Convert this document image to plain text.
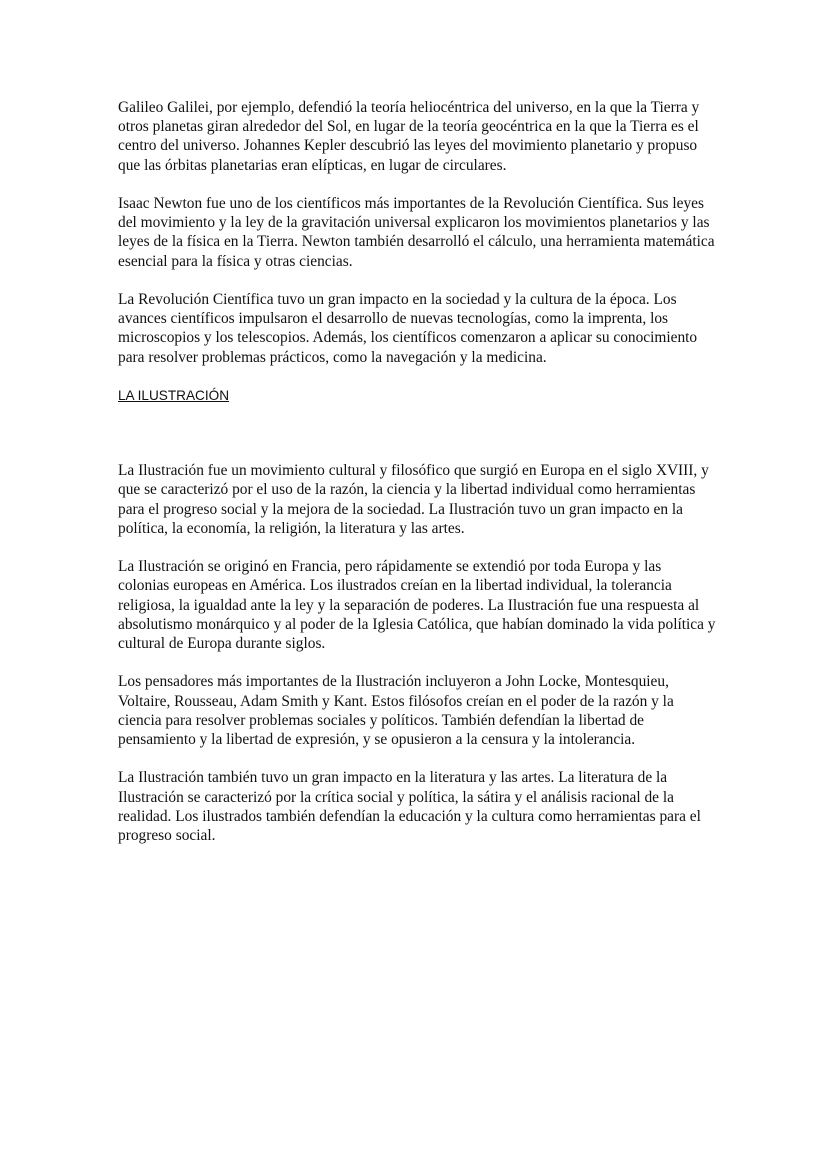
Galileo Galilei, por ejemplo, defendió la teoría heliocéntrica del universo, en la que la Tierra y otros planetas giran alrededor del Sol, en lugar de la teoría geocéntrica en la que la Tierra es el centro del universo. Johannes Kepler descubrió las leyes del movimiento planetario y propuso que las órbitas planetarias eran elípticas, en lugar de circulares.

Isaac Newton fue uno de los científicos más importantes de la Revolución Científica. Sus leyes del movimiento y la ley de la gravitación universal explicaron los movimientos planetarios y las leyes de la física en la Tierra. Newton también desarrolló el cálculo, una herramienta matemática esencial para la física y otras ciencias.

La Revolución Científica tuvo un gran impacto en la sociedad y la cultura de la época. Los avances científicos impulsaron el desarrollo de nuevas tecnologías, como la imprenta, los microscopios y los telescopios. Además, los científicos comenzaron a aplicar su conocimiento para resolver problemas prácticos, como la navegación y la medicina.

LA ILUSTRACIÓN

La Ilustración fue un movimiento cultural y filosófico que surgió en Europa en el siglo XVIII, y que se caracterizó por el uso de la razón, la ciencia y la libertad individual como herramientas para el progreso social y la mejora de la sociedad. La Ilustración tuvo un gran impacto en la política, la economía, la religión, la literatura y las artes.

La Ilustración se originó en Francia, pero rápidamente se extendió por toda Europa y las colonias europeas en América. Los ilustrados creían en la libertad individual, la tolerancia religiosa, la igualdad ante la ley y la separación de poderes. La Ilustración fue una respuesta al absolutismo monárquico y al poder de la Iglesia Católica, que habían dominado la vida política y cultural de Europa durante siglos.

Los pensadores más importantes de la Ilustración incluyeron a John Locke, Montesquieu, Voltaire, Rousseau, Adam Smith y Kant. Estos filósofos creían en el poder de la razón y la ciencia para resolver problemas sociales y políticos. También defendían la libertad de pensamiento y la libertad de expresión, y se opusieron a la censura y la intolerancia.

La Ilustración también tuvo un gran impacto en la literatura y las artes. La literatura de la Ilustración se caracterizó por la crítica social y política, la sátira y el análisis racional de la realidad. Los ilustrados también defendían la educación y la cultura como herramientas para el progreso social.
